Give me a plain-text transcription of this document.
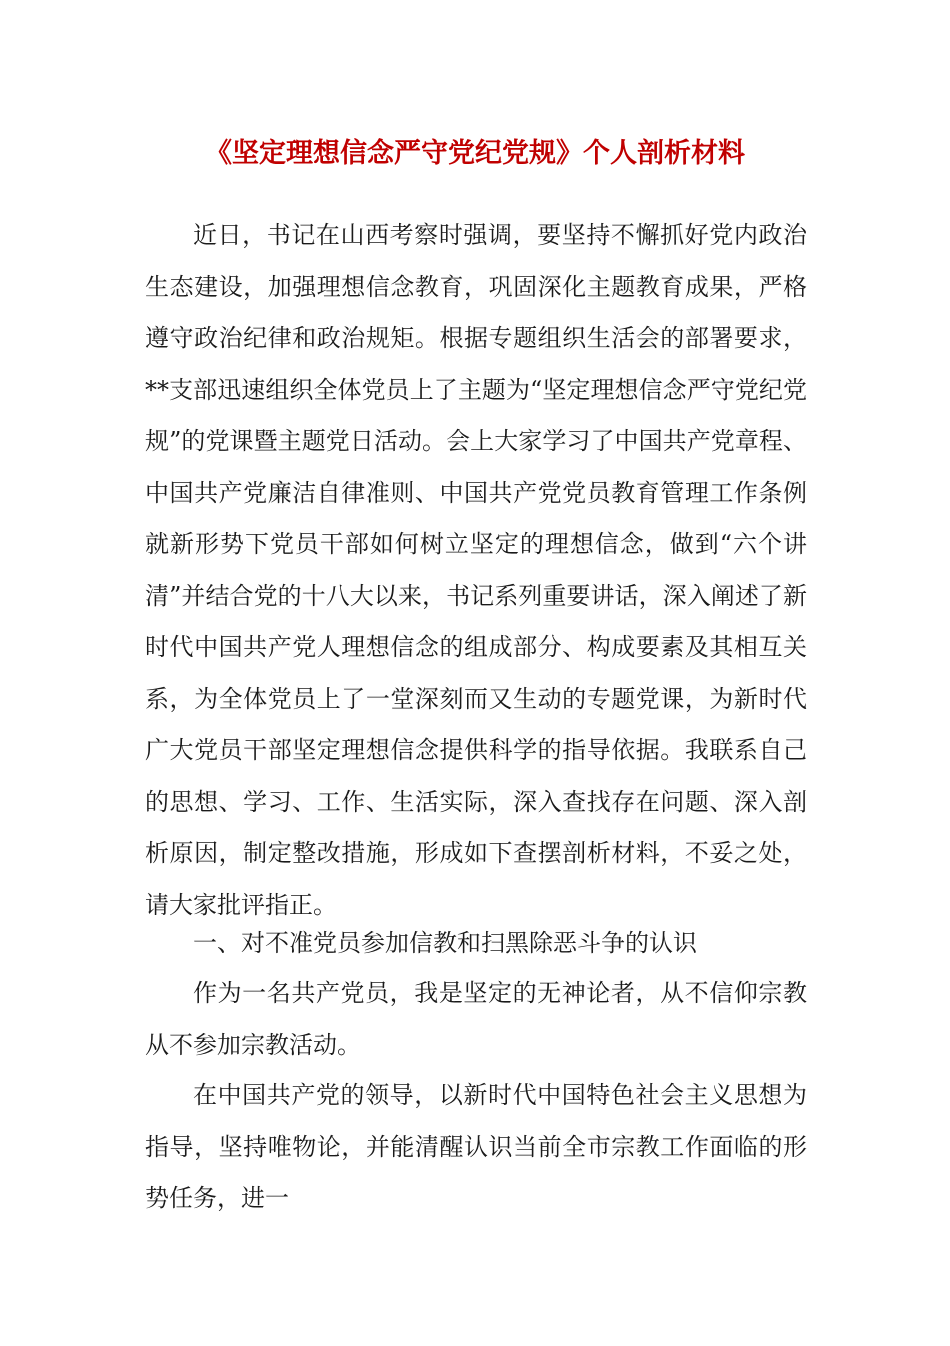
《坚定理想信念严守党纪党规》个人剖析材料

近日，书记在山西考察时强调，要坚持不懈抓好党内政治生态建设，加强理想信念教育，巩固深化主题教育成果，严格遵守政治纪律和政治规矩。根据专题组织生活会的部署要求，**支部迅速组织全体党员上了主题为“坚定理想信念严守党纪党规”的党课暨主题党日活动。会上大家学习了中国共产党章程、中国共产党廉洁自律准则、中国共产党党员教育管理工作条例就新形势下党员干部如何树立坚定的理想信念，做到“六个讲清”并结合党的十八大以来，书记系列重要讲话，深入阐述了新时代中国共产党人理想信念的组成部分、构成要素及其相互关系，为全体党员上了一堂深刻而又生动的专题党课，为新时代广大党员干部坚定理想信念提供科学的指导依据。我联系自己的思想、学习、工作、生活实际，深入查找存在问题、深入剖析原因，制定整改措施，形成如下查摆剖析材料，不妥之处，请大家批评指正。

一、对不准党员参加信教和扫黑除恶斗争的认识

作为一名共产党员，我是坚定的无神论者，从不信仰宗教从不参加宗教活动。

在中国共产党的领导，以新时代中国特色社会主义思想为指导，坚持唯物论，并能清醒认识当前全市宗教工作面临的形势任务，进一
